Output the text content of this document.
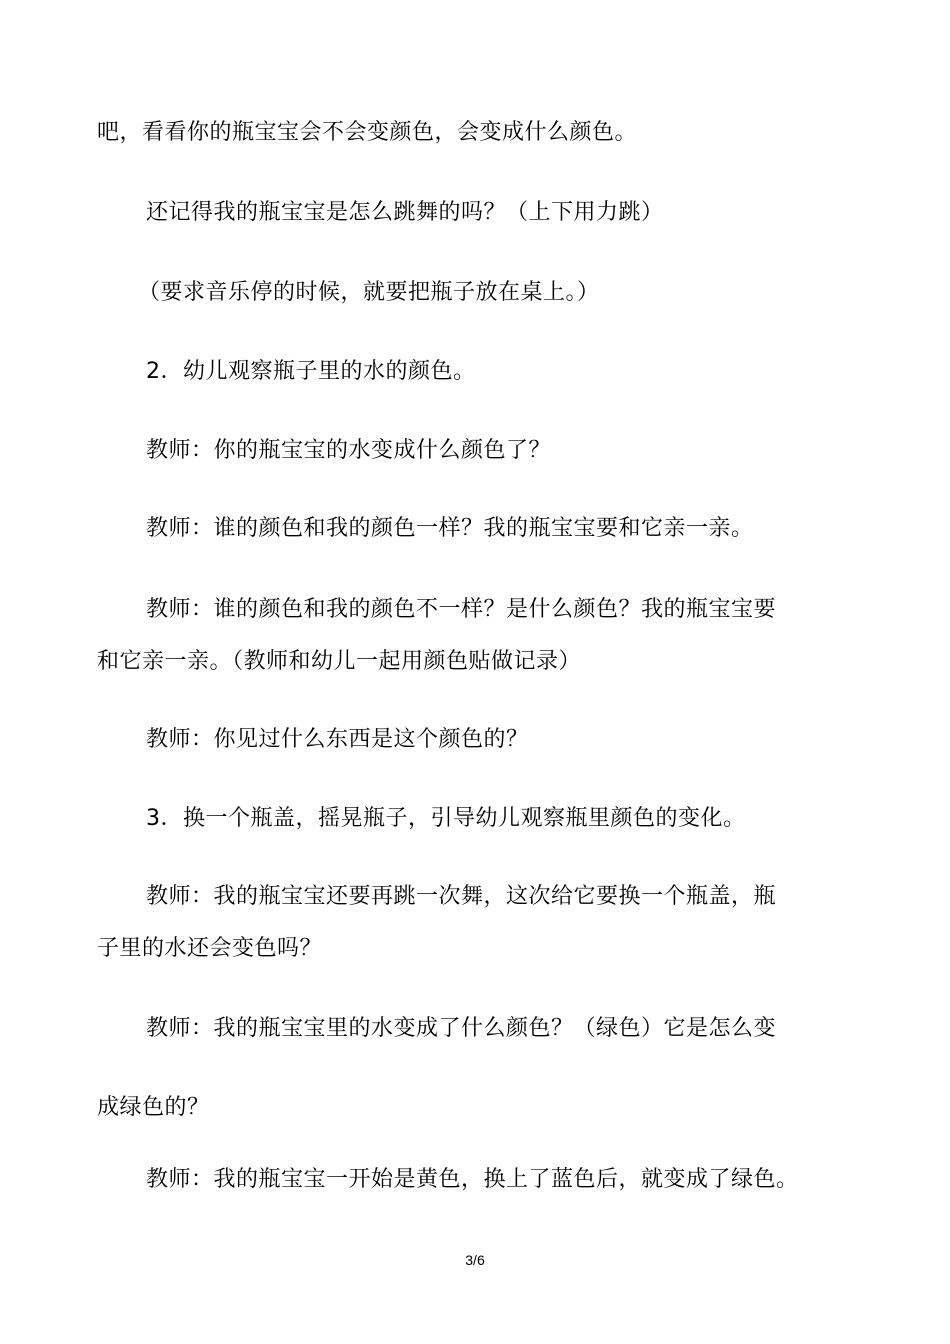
吧，看看你的瓶宝宝会不会变颜色，会变成什么颜色。
还记得我的瓶宝宝是怎么跳舞的吗？（上下用力跳）
（要求音乐停的时候，就要把瓶子放在桌上。）
2．幼儿观察瓶子里的水的颜色。
教师：你的瓶宝宝的水变成什么颜色了？
教师：谁的颜色和我的颜色一样？我的瓶宝宝要和它亲一亲。
教师：谁的颜色和我的颜色不一样？是什么颜色？我的瓶宝宝要
和它亲一亲。（教师和幼儿一起用颜色贴做记录）
教师：你见过什么东西是这个颜色的？
3．换一个瓶盖，摇晃瓶子，引导幼儿观察瓶里颜色的变化。
教师：我的瓶宝宝还要再跳一次舞，这次给它要换一个瓶盖，瓶
子里的水还会变色吗？
教师：我的瓶宝宝里的水变成了什么颜色？（绿色）它是怎么变
成绿色的？
教师：我的瓶宝宝一开始是黄色，换上了蓝色后，就变成了绿色。
3/6
